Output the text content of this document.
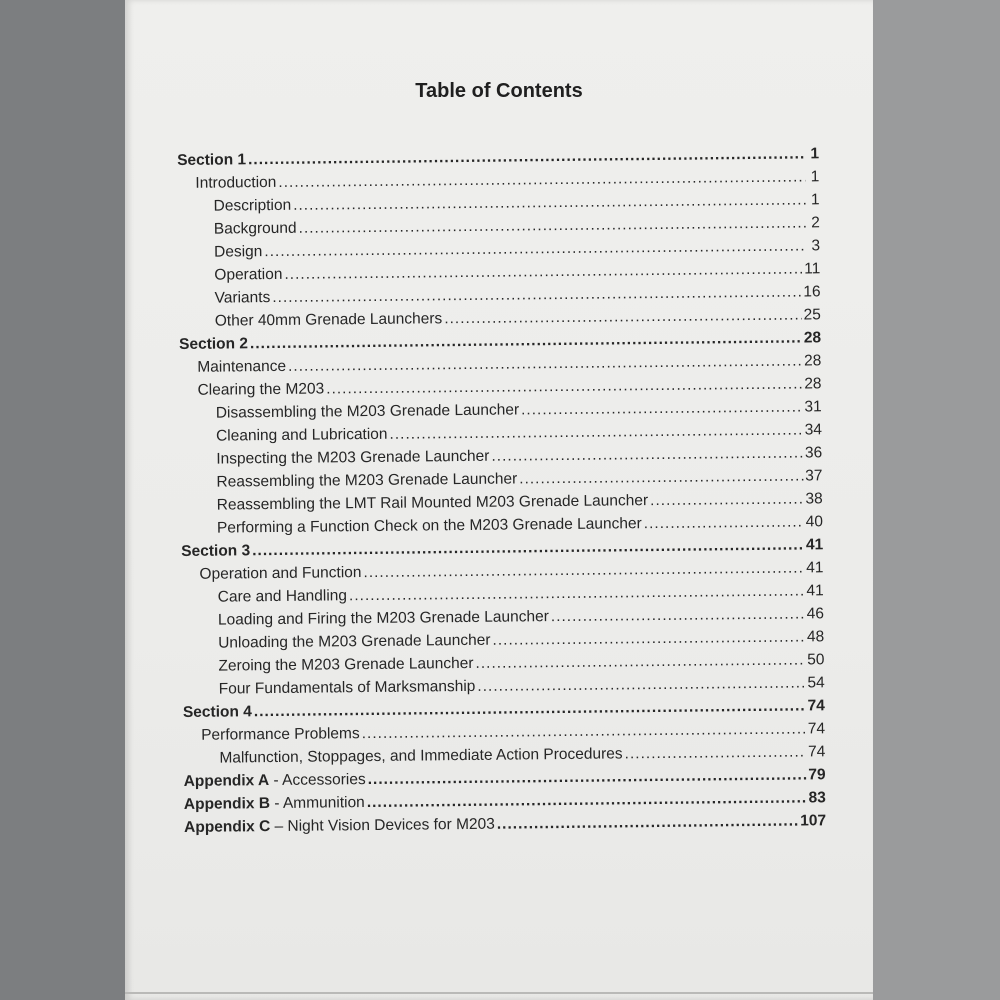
Table of Contents
Section 1 .....	1
Introduction .....	1
Description .....	1
Background .....	2
Design .....	3
Operation .....	11
Variants .....	16
Other 40mm Grenade Launchers .....	25
Section 2 .....	28
Maintenance .....	28
Clearing the M203 .....	28
Disassembling the M203 Grenade Launcher .....	31
Cleaning and Lubrication .....	34
Inspecting the M203 Grenade Launcher .....	36
Reassembling the M203 Grenade Launcher .....	37
Reassembling the LMT Rail Mounted M203 Grenade Launcher .....	38
Performing a Function Check on the M203 Grenade Launcher .....	40
Section 3 .....	41
Operation and Function .....	41
Care and Handling .....	41
Loading and Firing the M203 Grenade Launcher .....	46
Unloading the M203 Grenade Launcher .....	48
Zeroing the M203 Grenade Launcher .....	50
Four Fundamentals of Marksmanship .....	54
Section 4 .....	74
Performance Problems .....	74
Malfunction, Stoppages, and Immediate Action Procedures .....	74
Appendix A - Accessories .....	79
Appendix B - Ammunition .....	83
Appendix C – Night Vision Devices for M203 .....	107
